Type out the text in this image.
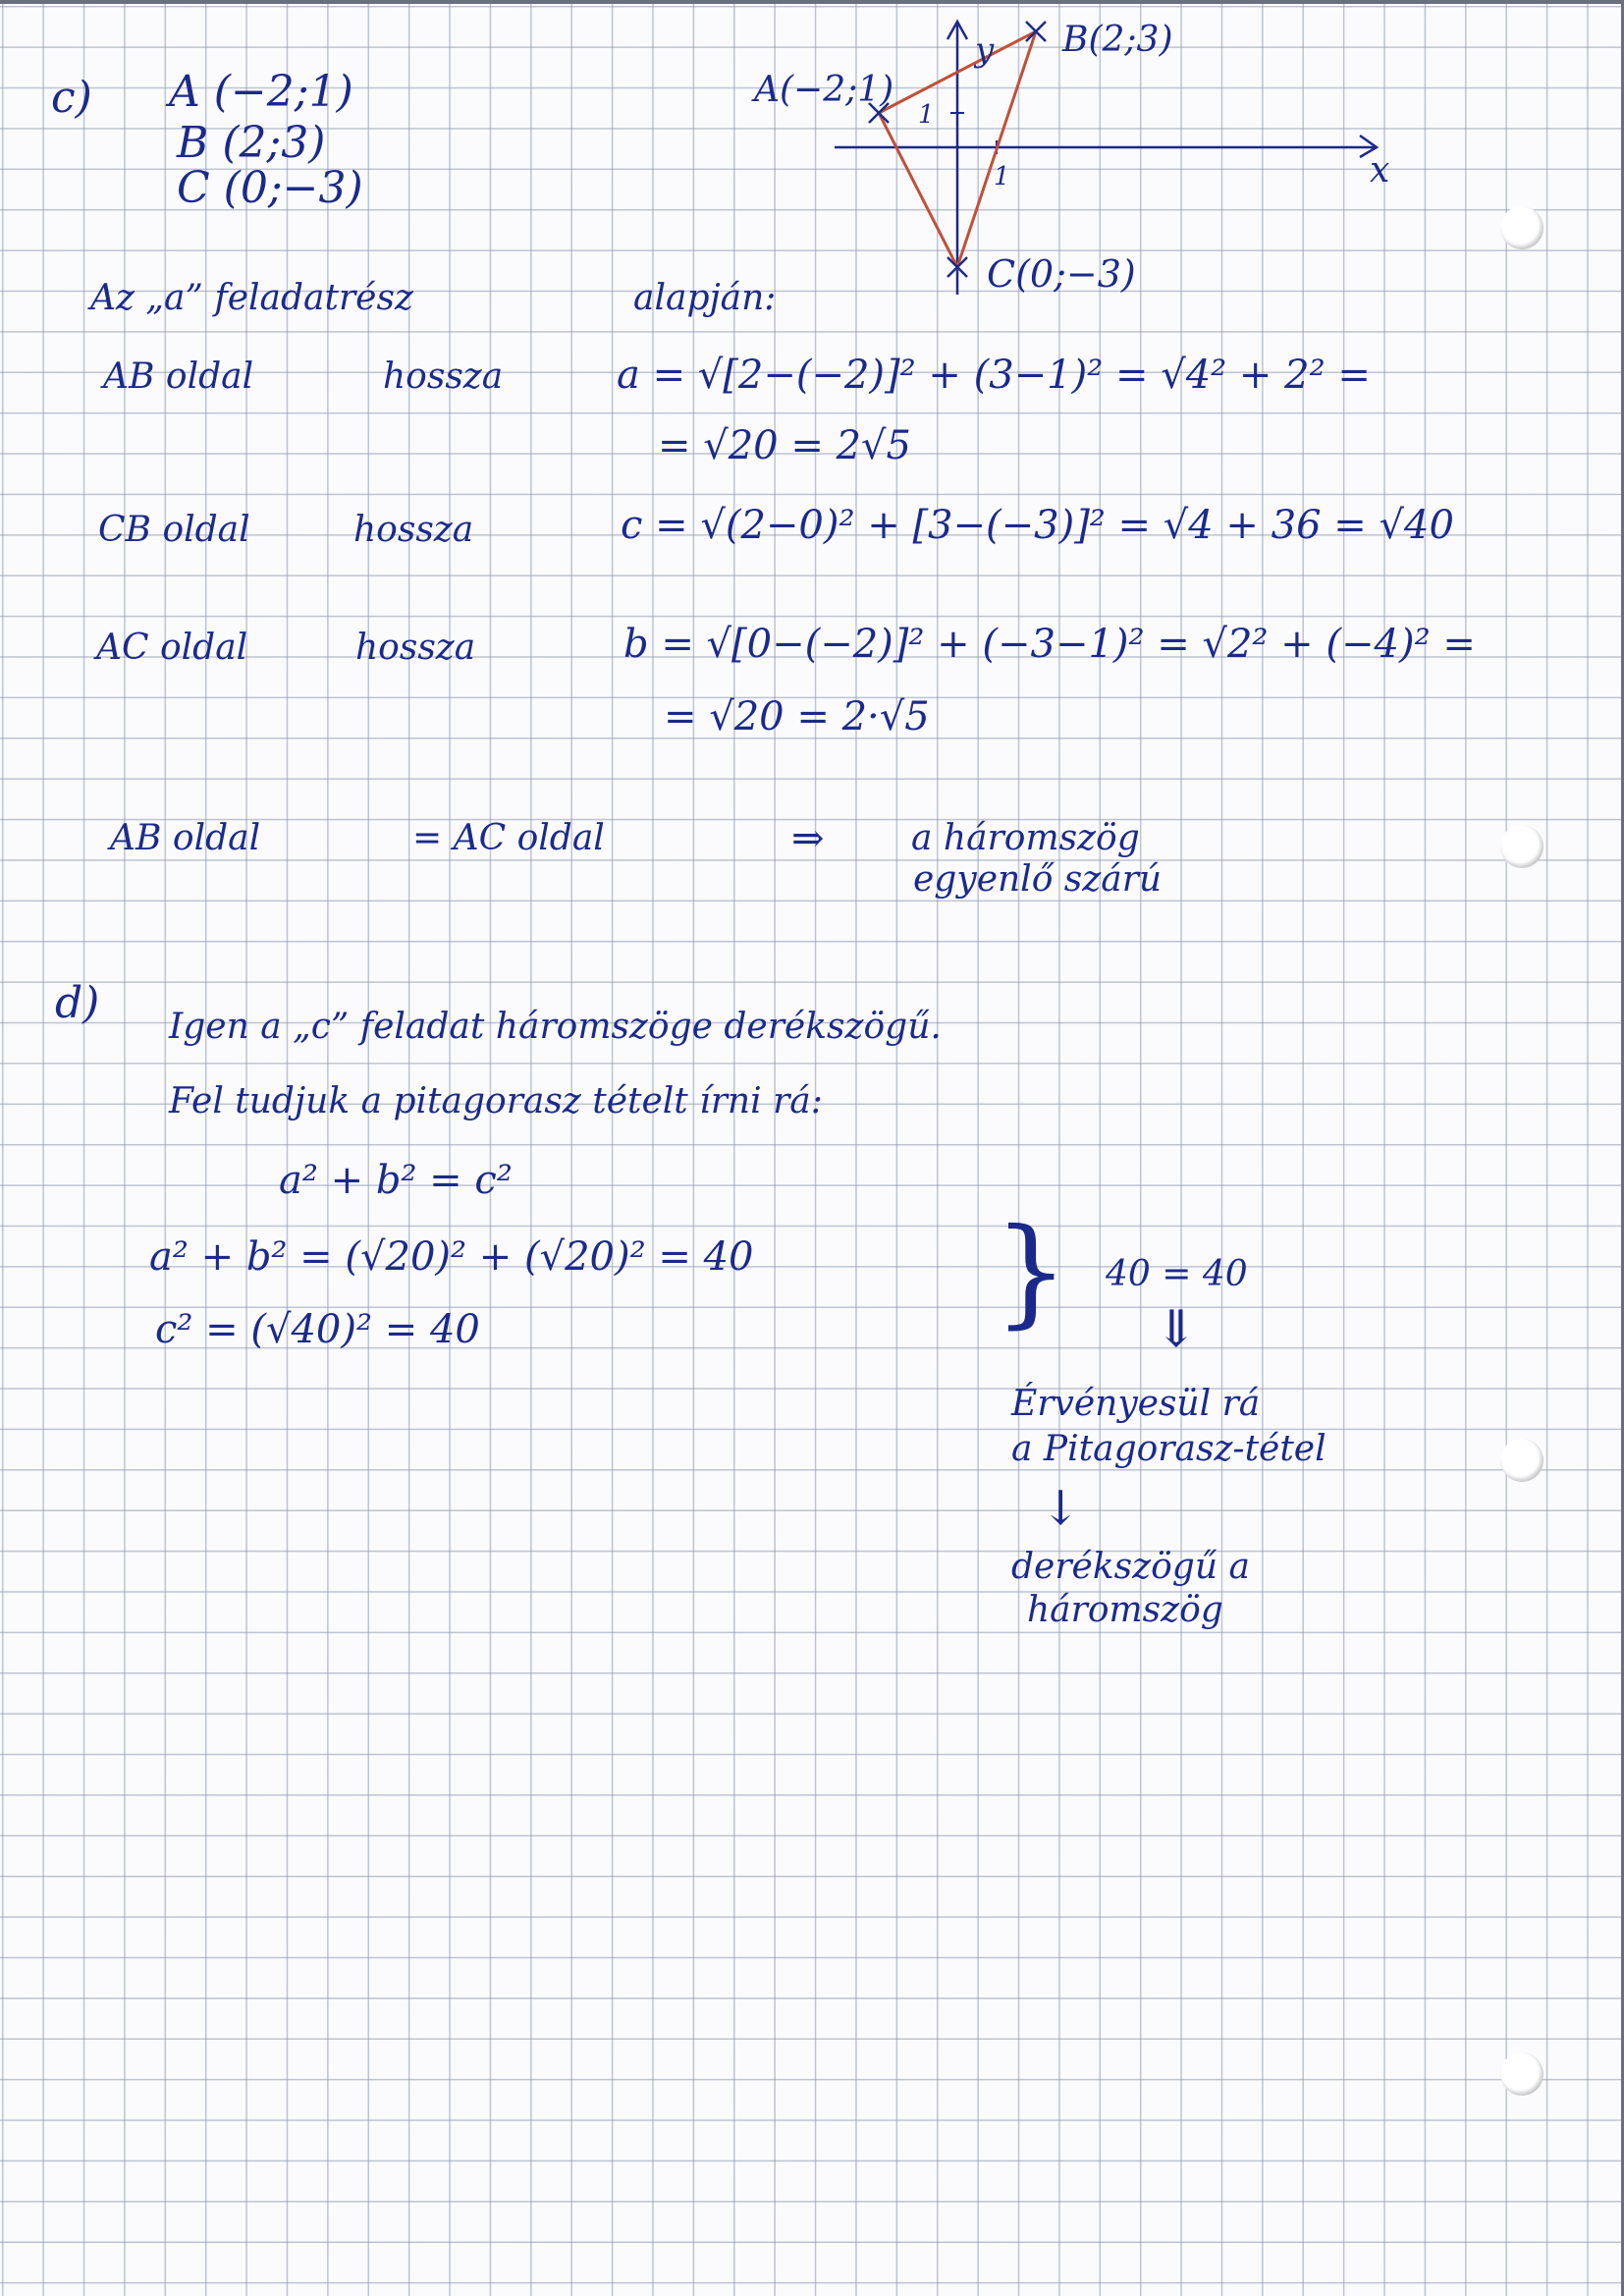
c) A (−2;1)
B (2;3)
C (0;−3)	x
y
1
1
A(−2;1)
B(2;3)
C(0;−3)
Az „a” feladatrész	alapján:
AB oldal	hossza	a = √[2−(−2)]² + (3−1)² = √4² + 2² =
= √20 = 2√5
CB oldal	hossza	c = √(2−0)² + [3−(−3)]² = √4 + 36 = √40
AC oldal	hossza	b = √[0−(−2)]² + (−3−1)² = √2² + (−4)² =
= √20 = 2·√5
AB oldal	= AC oldal	⇒ a háromszög
egyenlő szárú
d) Igen a „c” feladat háromszöge derékszögű.
Fel tudjuk a pitagorasz tételt írni rá:
a² + b² = c²
a² + b² = (√20)² + (√20)² = 40
c² = (√40)² = 40	} 40 = 40
⇓
Érvényesül rá
a Pitagorasz-tétel
↓
derékszögű a
háromszög
